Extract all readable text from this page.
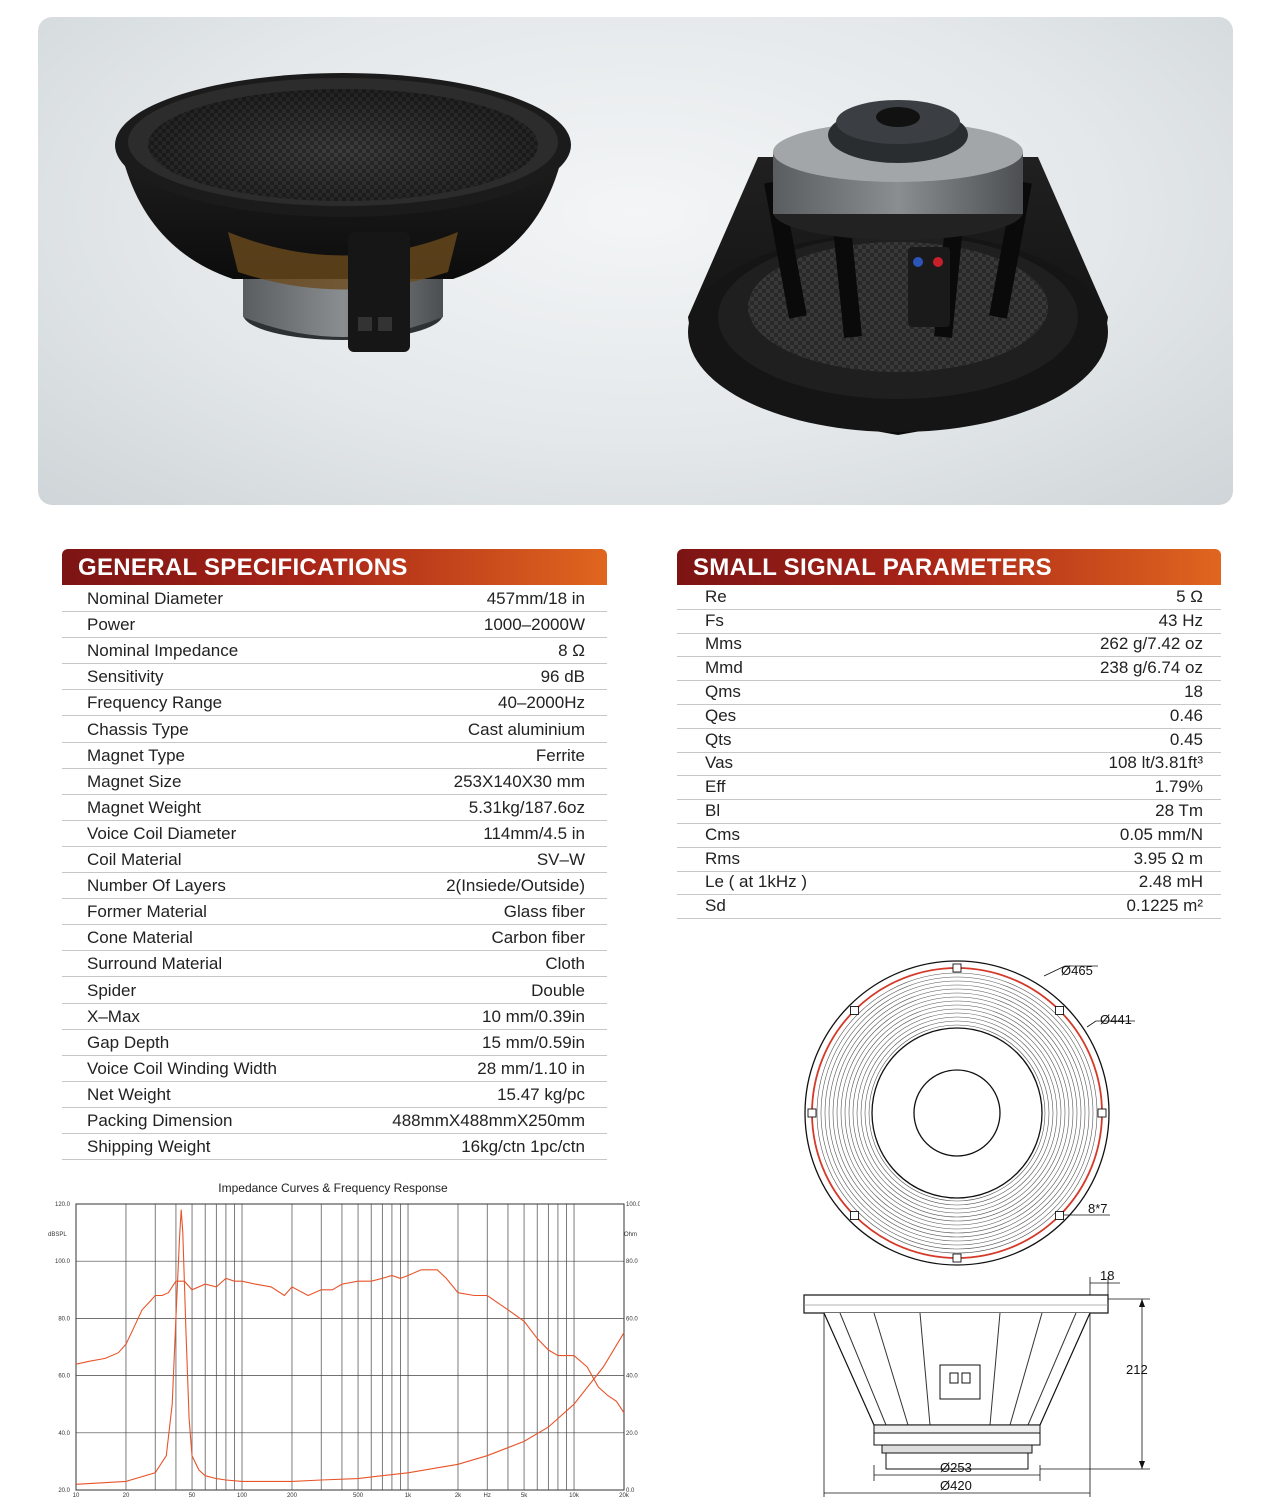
GENERAL SPECIFICATIONS
Nominal Diameter	457mm/18 in
Power	1000–2000W
Nominal Impedance	8 Ω
Sensitivity	96 dB
Frequency Range	40–2000Hz
Chassis Type	Cast aluminium
Magnet Type	Ferrite
Magnet Size	253X140X30 mm
Magnet Weight	5.31kg/187.6oz
Voice Coil Diameter	114mm/4.5 in
Coil Material	SV–W
Number Of Layers	2(Insiede/Outside)
Former Material	Glass fiber
Cone Material	Carbon fiber
Surround Material	Cloth
Spider	Double
X–Max	10 mm/0.39in
Gap Depth	15 mm/0.59in
Voice Coil Winding Width	28 mm/1.10 in
Net Weight	15.47 kg/pc
Packing Dimension	488mmX488mmX250mm
Shipping Weight	16kg/ctn 1pc/ctn
SMALL SIGNAL PARAMETERS
Re	5 Ω
Fs	43 Hz
Mms	262 g/7.42 oz
Mmd	238 g/6.74 oz
Qms	18
Qes	0.46
Qts	0.45
Vas	108 lt/3.81ft³
Eff	1.79%
Bl	28 Tm
Cms	0.05 mm/N
Rms	3.95 Ω m
Le ( at 1kHz )	2.48 mH
Sd	0.1225 m²
Impedance Curves & Frequency Response
dBSPL	Ohm
10	20	50	100	200	500	1k	2k	5k	10k	20k
Hz
20.0
40.0
60.0
80.0
100.0
120.0
0.0
20.0
40.0
60.0
80.0
100.0
Ø465
Ø441
8*7
18
212
Ø253
Ø420
